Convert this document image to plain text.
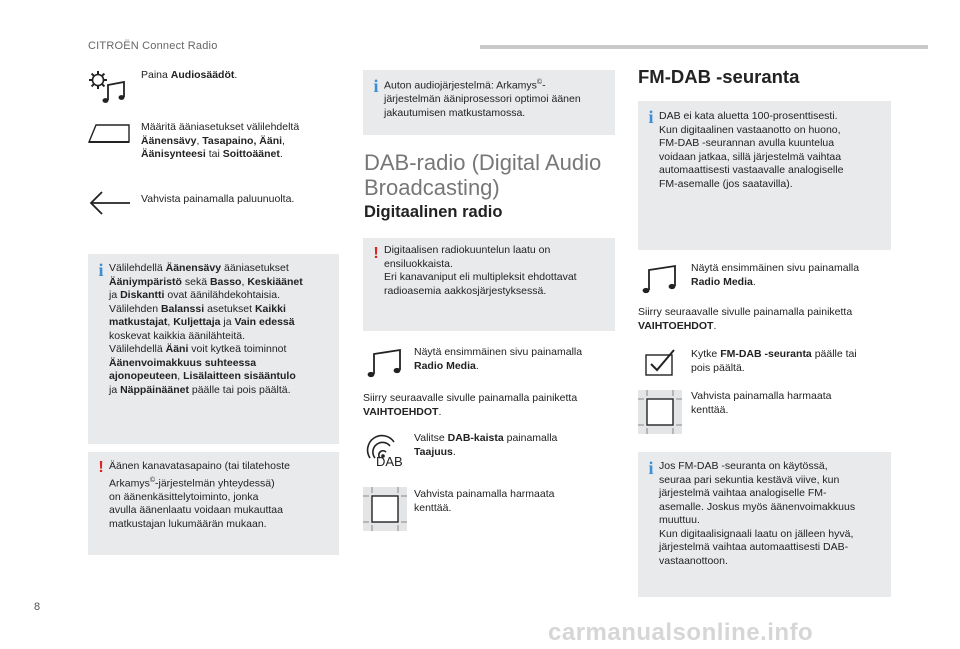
CITROËN Connect Radio
Paina Audiosäädöt.
Määritä ääniasetukset välilehdeltä
Äänensävy, Tasapaino, Ääni,
Äänisynteesi tai Soittoäänet.
Vahvista painamalla paluunuolta.
i Välilehdellä Äänensävy ääniasetukset
Ääniympäristö sekä Basso, Keskiäänet
ja Diskantti ovat äänilähdekohtaisia.
Välilehden Balanssi asetukset Kaikki
matkustajat, Kuljettaja ja Vain edessä
koskevat kaikkia äänilähteitä.
Välilehdellä Ääni voit kytkeä toiminnot
Äänenvoimakkuus suhteessa
ajonopeuteen, Lisälaitteen sisääntulo
ja Näppäinäänet päälle tai pois päältä.
! Äänen kanavatasapaino (tai tilatehoste
Arkamys©-järjestelmän yhteydessä)
on äänenkäsittelytoiminto, jonka
avulla äänenlaatu voidaan mukauttaa
matkustajan lukumäärän mukaan.
i Auton audiojärjestelmä: Arkamys©-
järjestelmän ääniprosessori optimoi äänen
jakautumisen matkustamossa.
DAB-radio (Digital Audio
Broadcasting)
Digitaalinen radio
! Digitaalisen radiokuuntelun laatu on
ensiluokkaista.
Eri kanavaniput eli multipleksit ehdottavat
radioasemia aakkosjärjestyksessä.
Näytä ensimmäinen sivu painamalla
Radio Media.
Siirry seuraavalle sivulle painamalla painiketta
VAIHTOEHDOT.
DAB
Valitse DAB-kaista painamalla
Taajuus.
Vahvista painamalla harmaata
kenttää.
FM-DAB -seuranta
i DAB ei kata aluetta 100-prosenttisesti.
Kun digitaalinen vastaanotto on huono,
FM-DAB -seurannan avulla kuuntelua
voidaan jatkaa, sillä järjestelmä vaihtaa
automaattisesti vastaavalle analogiselle
FM-asemalle (jos saatavilla).
Näytä ensimmäinen sivu painamalla
Radio Media.
Siirry seuraavalle sivulle painamalla painiketta
VAIHTOEHDOT.
Kytke FM-DAB -seuranta päälle tai
pois päältä.
Vahvista painamalla harmaata
kenttää.
i Jos FM-DAB -seuranta on käytössä,
seuraa pari sekuntia kestävä viive, kun
järjestelmä vaihtaa analogiselle FM-
asemalle. Joskus myös äänenvoimakkuus
muuttuu.
Kun digitaalisignaali laatu on jälleen hyvä,
järjestelmä vaihtaa automaattisesti DAB-
vastaanottoon.
8
carmanualsonline.info
